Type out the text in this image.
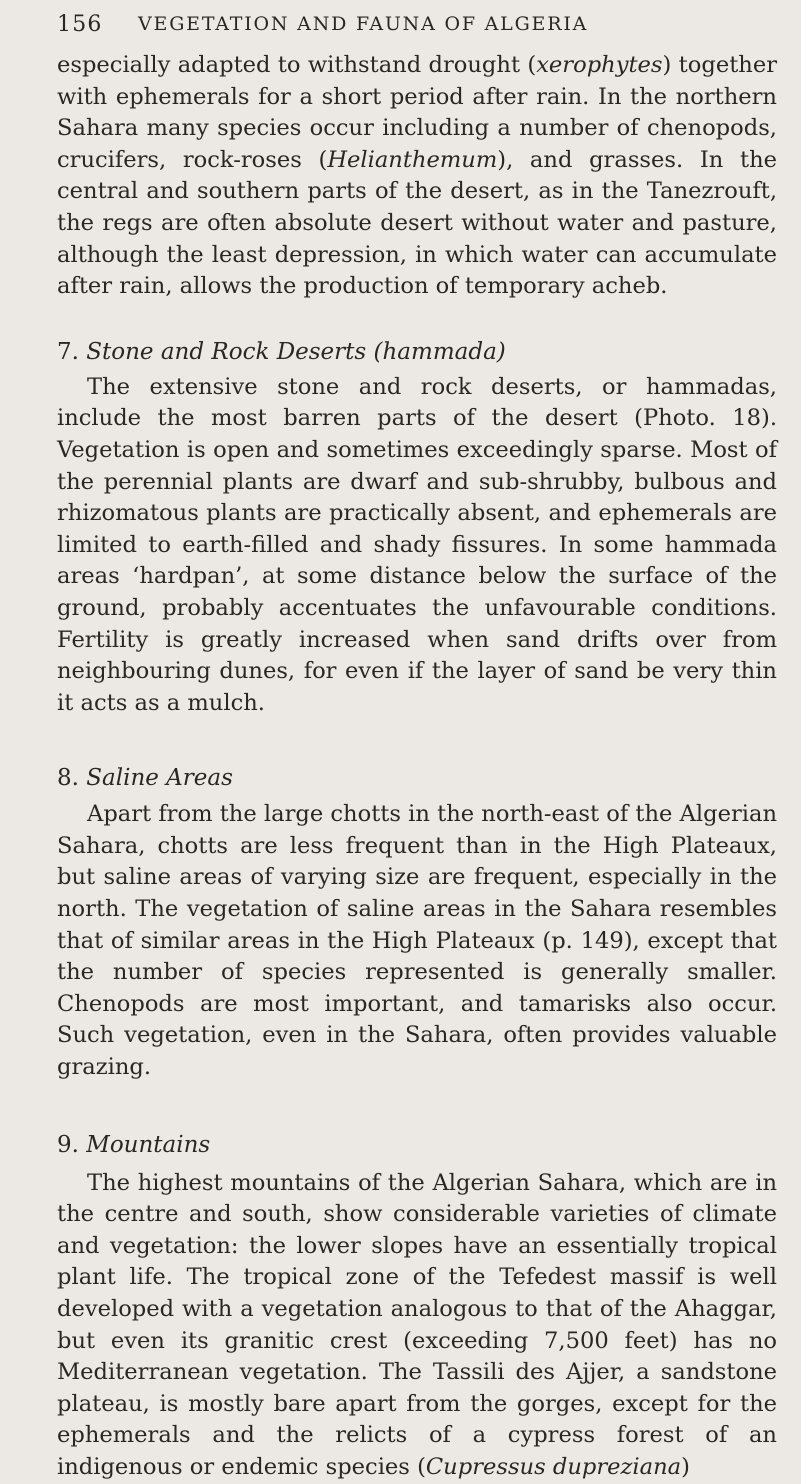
156 VEGETATION AND FAUNA OF ALGERIA

especially adapted to withstand drought (xerophytes) together with ephemerals for a short period after rain. In the northern Sahara many species occur including a number of chenopods, crucifers, rock-roses (Helianthemum), and grasses. In the central and southern parts of the desert, as in the Tanezrouft, the regs are often absolute desert without water and pasture, although the least depression, in which water can accumulate after rain, allows the production of temporary acheb.

7. Stone and Rock Deserts (hammada)

The extensive stone and rock deserts, or hammadas, include the most barren parts of the desert (Photo. 18). Vegetation is open and sometimes exceedingly sparse. Most of the perennial plants are dwarf and sub-shrubby, bulbous and rhizomatous plants are practically absent, and ephemerals are limited to earth-filled and shady fissures. In some hammada areas ‘hardpan’, at some distance below the surface of the ground, probably accentuates the unfavourable conditions. Fertility is greatly increased when sand drifts over from neighbouring dunes, for even if the layer of sand be very thin it acts as a mulch.

8. Saline Areas

Apart from the large chotts in the north-east of the Algerian Sahara, chotts are less frequent than in the High Plateaux, but saline areas of varying size are frequent, especially in the north. The vegetation of saline areas in the Sahara resembles that of similar areas in the High Plateaux (p. 149), except that the number of species represented is generally smaller. Chenopods are most important, and tamarisks also occur. Such vegetation, even in the Sahara, often provides valuable grazing.

9. Mountains

The highest mountains of the Algerian Sahara, which are in the centre and south, show considerable varieties of climate and vegetation: the lower slopes have an essentially tropical plant life. The tropical zone of the Tefedest massif is well developed with a vegetation analogous to that of the Ahaggar, but even its granitic crest (exceeding 7,500 feet) has no Mediterranean vegetation. The Tassili des Ajjer, a sandstone plateau, is mostly bare apart from the gorges, except for the ephemerals and the relicts of a cypress forest of an indigenous or endemic species (Cupressus dupreziana)
